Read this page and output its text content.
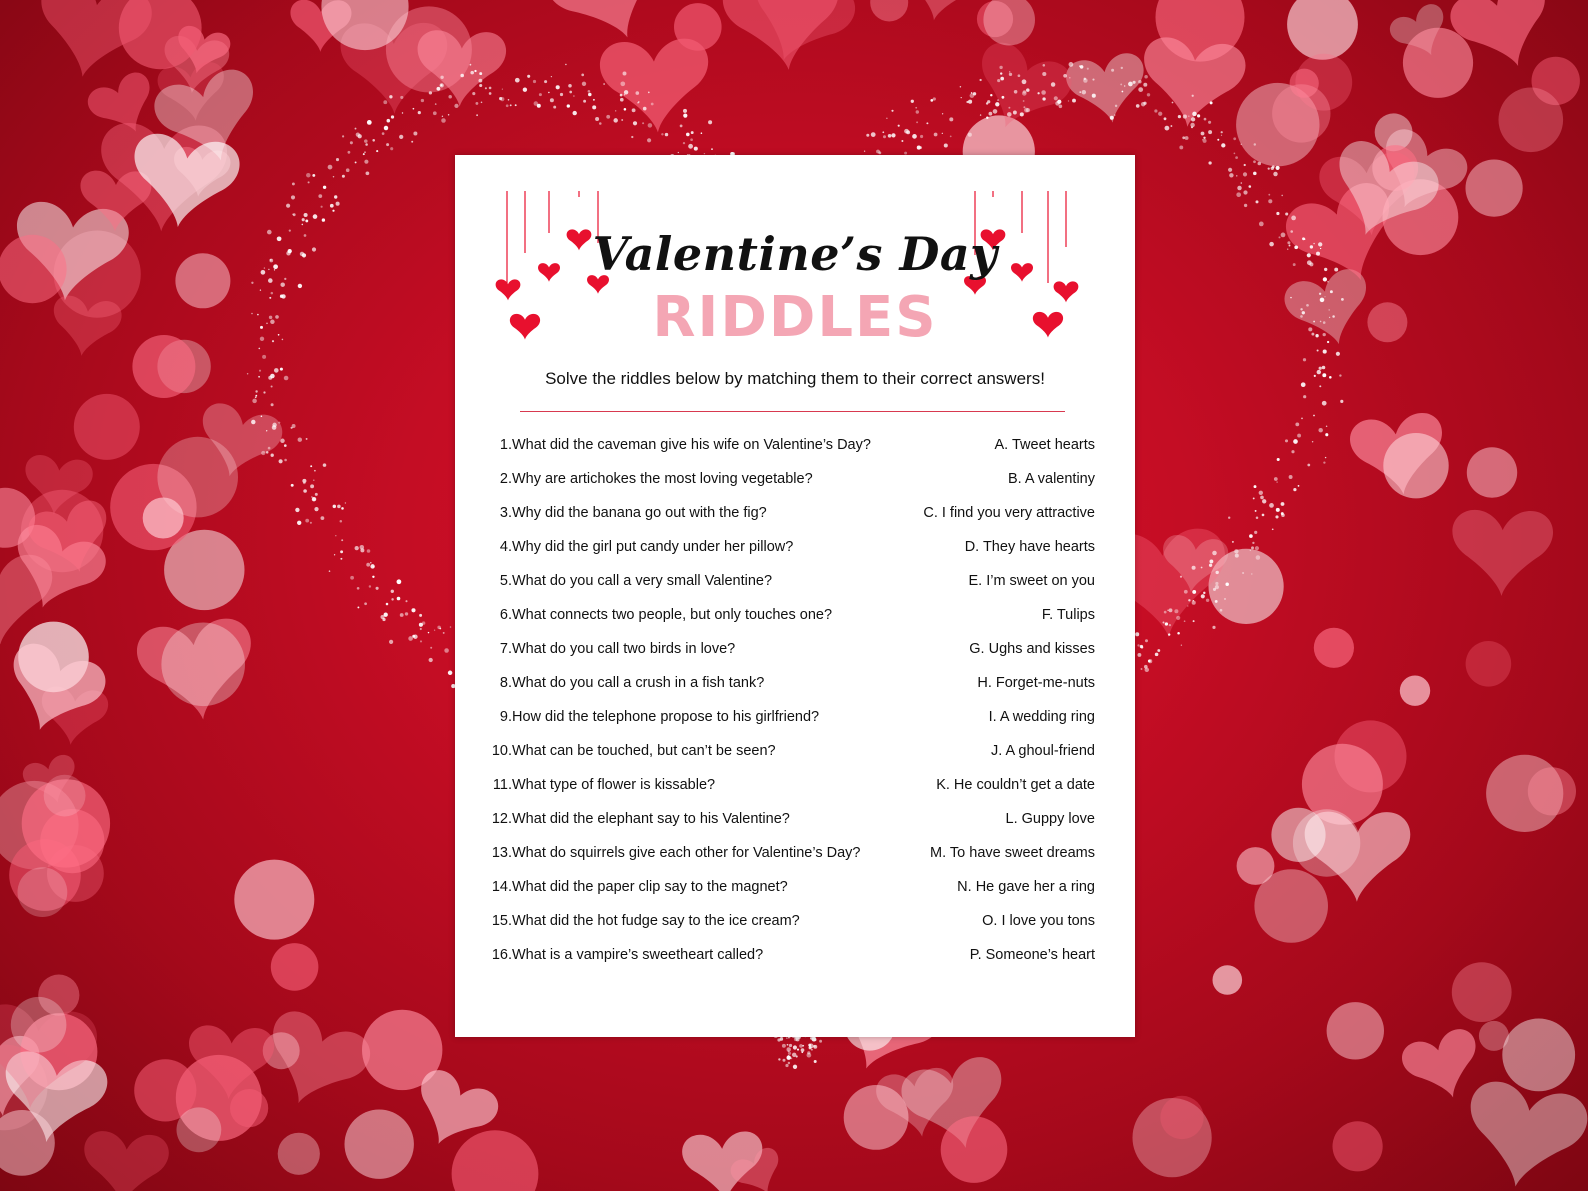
Valentine’s Day
RIDDLES
Solve the riddles below by matching them to their correct answers!
1.What did the caveman give his wife on Valentine’s Day?	A. Tweet hearts
2.Why are artichokes the most loving vegetable?	B. A valentiny
3.Why did the banana go out with the fig?	C. I find you very attractive
4.Why did the girl put candy under her pillow?	D. They have hearts
5.What do you call a very small Valentine?	E. I’m sweet on you
6.What connects two people, but only touches one?	F. Tulips
7.What do you call two birds in love?	G. Ughs and kisses
8.What do you call a crush in a fish tank?	H. Forget-me-nuts
9.How did the telephone propose to his girlfriend?	I. A wedding ring
10.What can be touched, but can’t be seen?	J. A ghoul-friend
11.What type of flower is kissable?	K. He couldn’t get a date
12.What did the elephant say to his Valentine?	L. Guppy love
13.What do squirrels give each other for Valentine’s Day?	M. To have sweet dreams
14.What did the paper clip say to the magnet?	N. He gave her a ring
15.What did the hot fudge say to the ice cream?	O. I love you tons
16.What is a vampire’s sweetheart called?	P. Someone’s heart
